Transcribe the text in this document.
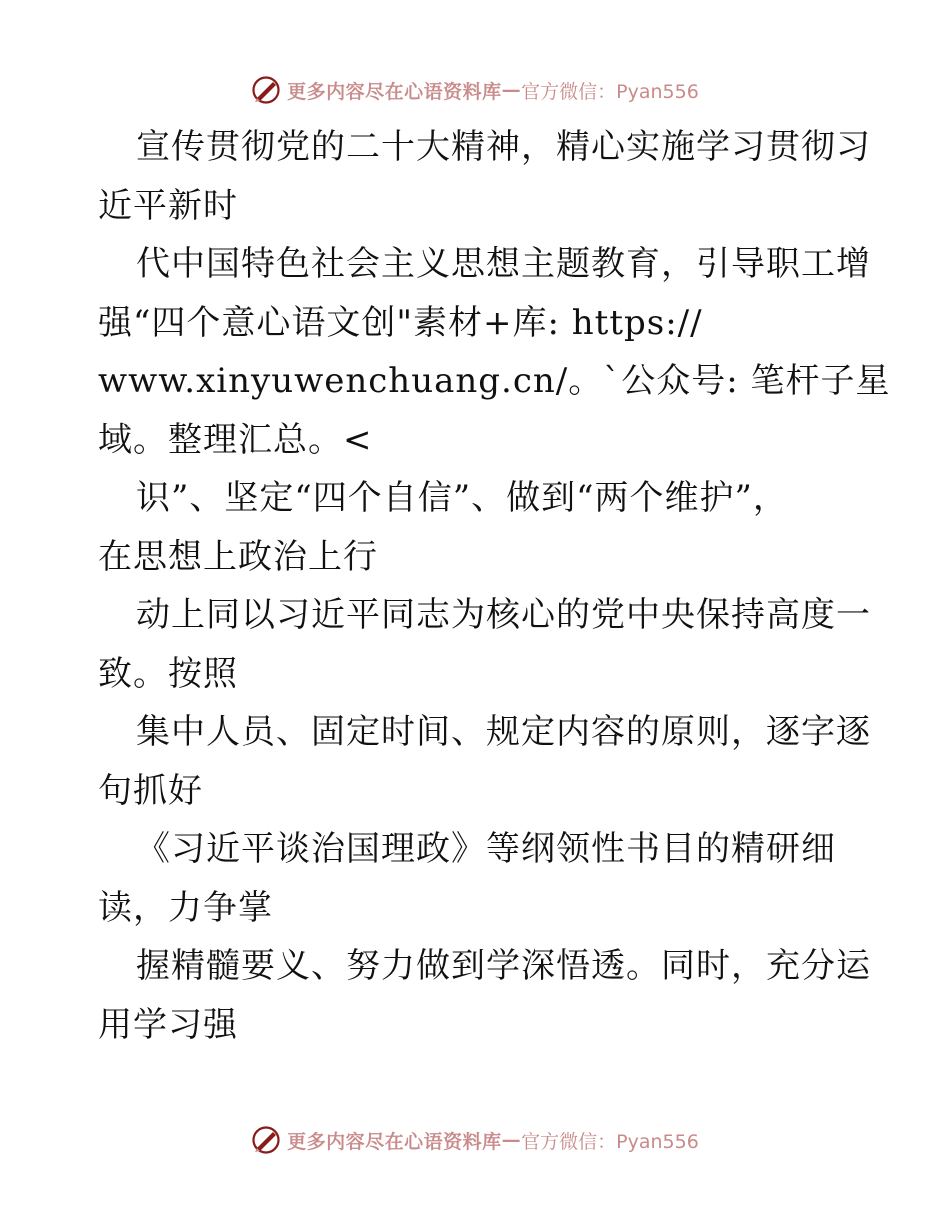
更多内容尽在心语资料库 — 官方微信：Pyan556
宣传贯彻党的二十大精神，精心实施学习贯彻习
近平新时
代中国特色社会主义思想主题教育，引导职工增
强“四个意心语文创"素材+库: https://
www.xinyuwenchuang.cn/。`公众号: 笔杆子星
域。整理汇总。<
识”、坚定“四个自信”、做到“两个维护”，
在思想上政治上行
动上同以习近平同志为核心的党中央保持高度一
致。按照
集中人员、固定时间、规定内容的原则，逐字逐
句抓好
《习近平谈治国理政》等纲领性书目的精研细
读，力争掌
握精髓要义、努力做到学深悟透。同时，充分运
用学习强
更多内容尽在心语资料库 — 官方微信：Pyan556
